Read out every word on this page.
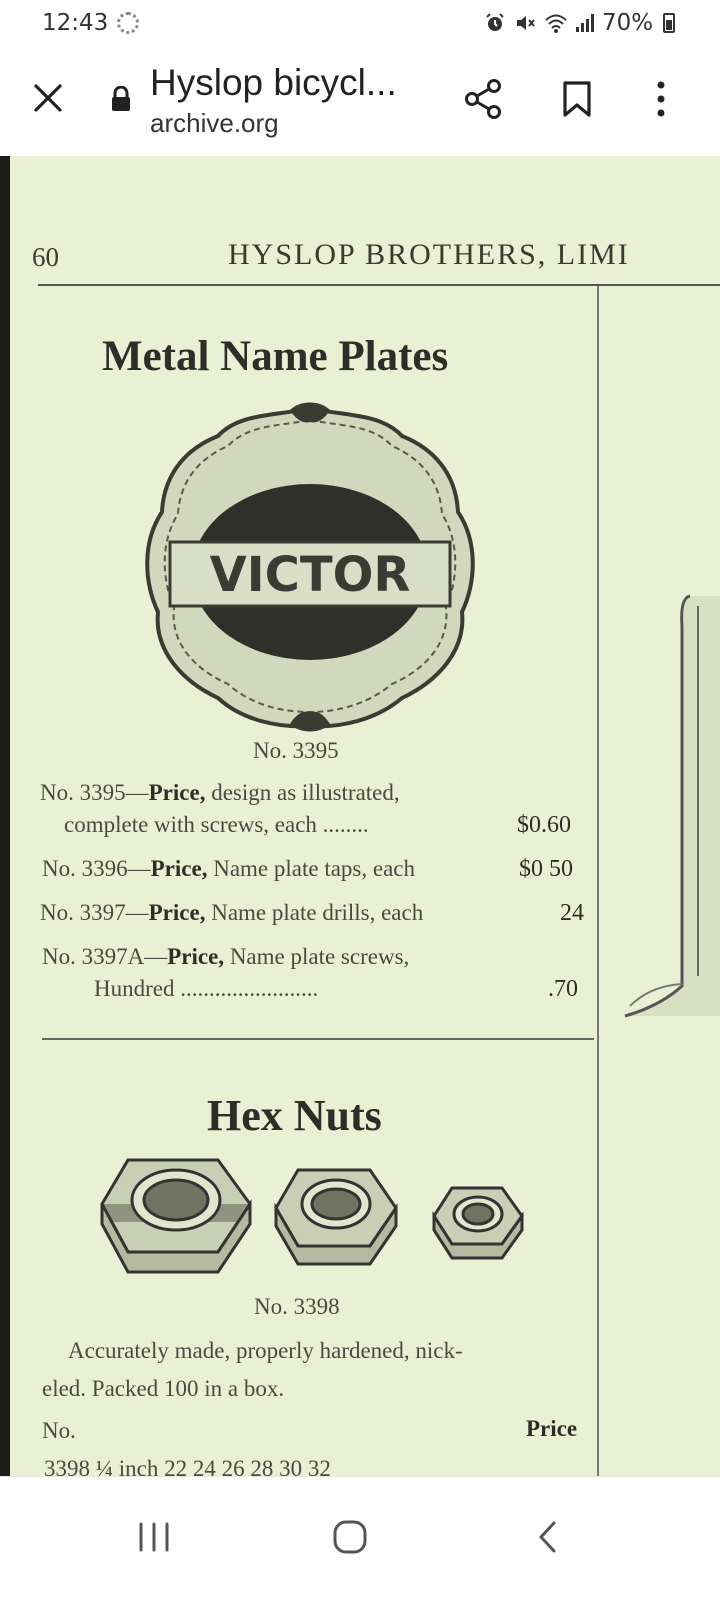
12:43	70%
Hyslop bicycl...
archive.org
60	HYSLOP BROTHERS, LIMI
Metal Name Plates
VICTOR
No. 3395
No. 3395—Price, design as illustrated,
complete with screws, each ........	$0.60
No. 3396—Price, Name plate taps, each	$0 50
No. 3397—Price, Name plate drills, each	24
No. 3397A—Price, Name plate screws,
Hundred ........................	.70
Hex Nuts
No. 3398
Accurately made, properly hardened, nick-
eled. Packed 100 in a box.
No.	Price
3398 ¼ inch 22 24 26 28 30 32
